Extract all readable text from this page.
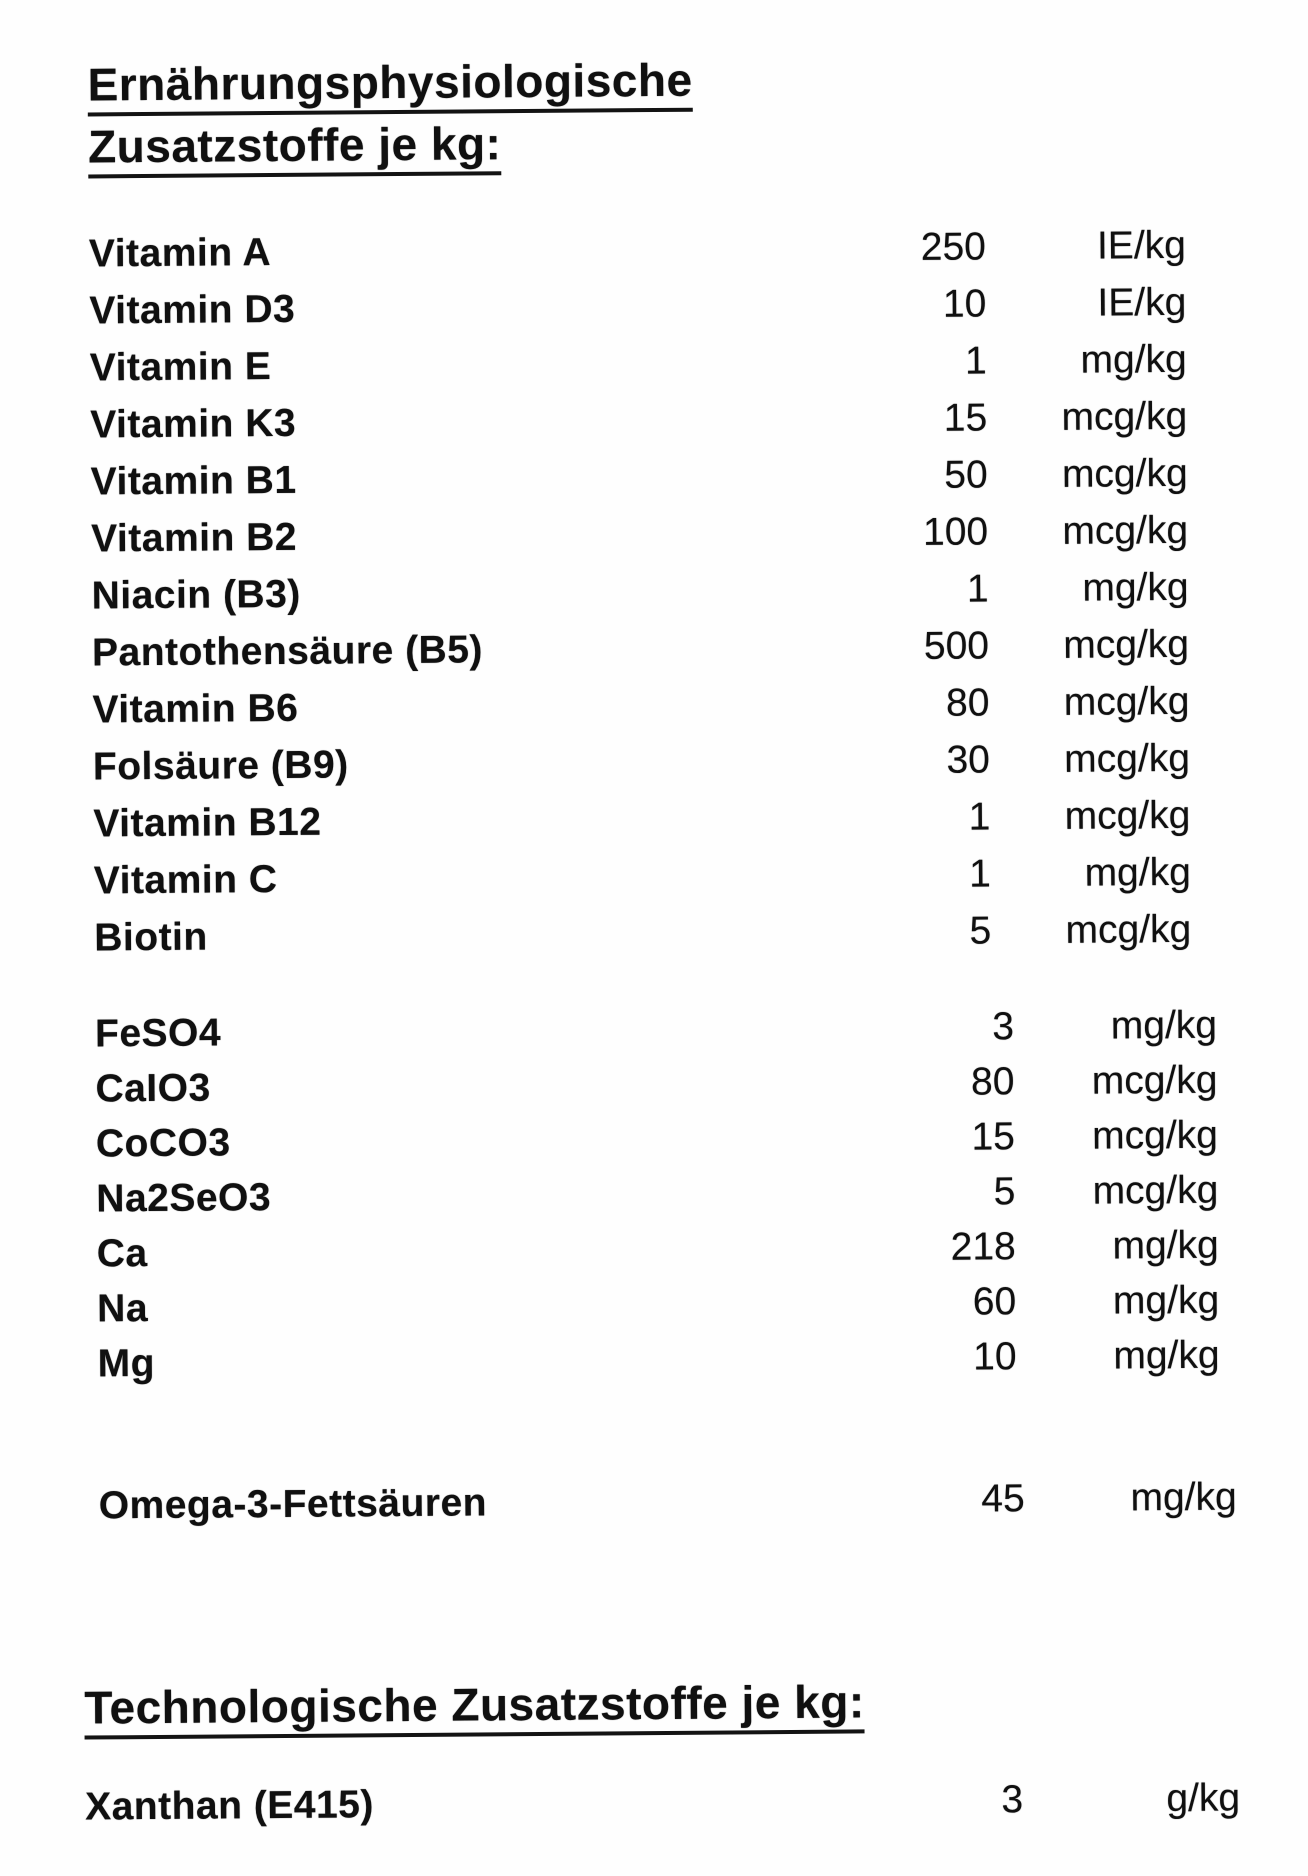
Ernährungsphysiologische
Zusatzstoffe je kg:
Vitamin A	250	IE/kg
Vitamin D3	10	IE/kg
Vitamin E	1	mg/kg
Vitamin K3	15	mcg/kg
Vitamin B1	50	mcg/kg
Vitamin B2	100	mcg/kg
Niacin (B3)	1	mg/kg
Pantothensäure (B5)	500	mcg/kg
Vitamin B6	80	mcg/kg
Folsäure (B9)	30	mcg/kg
Vitamin B12	1	mcg/kg
Vitamin C	1	mg/kg
Biotin	5	mcg/kg
FeSO4	3	mg/kg
CaIO3	80	mcg/kg
CoCO3	15	mcg/kg
Na2SeO3	5	mcg/kg
Ca	218	mg/kg
Na	60	mg/kg
Mg	10	mg/kg
Omega-3-Fettsäuren	45	mg/kg
Technologische Zusatzstoffe je kg:
Xanthan (E415)	3	g/kg
